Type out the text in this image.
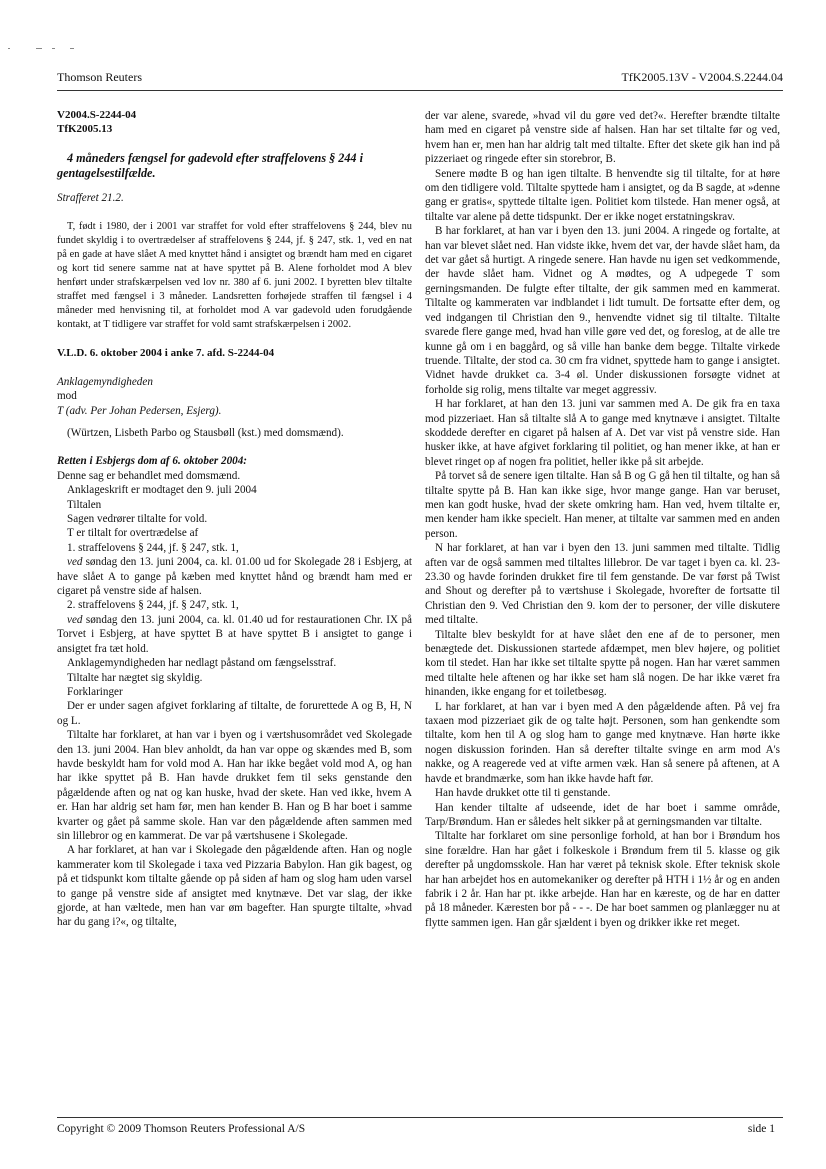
Thomson Reuters	TfK2005.13V - V2004.S.2244.04

V2004.S-2244-04

TfK2005.13

4 måneders fængsel for gadevold efter straffelovens § 244 i gentagelsestilfælde.

Strafferet 21.2.

T, født i 1980, der i 2001 var straffet for vold efter straffelovens § 244, blev nu fundet skyldig i to overtrædelser af straffelovens § 244, jf. § 247, stk. 1, ved en nat på en gade at have slået A med knyttet hånd i ansigtet og brændt ham med en cigaret og kort tid senere samme nat at have spyttet på B. Alene forholdet mod A blev henført under strafskærpelsen ved lov nr. 380 af 6. juni 2002. I byretten blev tiltalte straffet med fængsel i 3 måneder. Landsretten forhøjede straffen til fængsel i 4 måneder med henvisning til, at forholdet mod A var gadevold uden forudgående kontakt, at T tidligere var straffet for vold samt strafskærpelsen i 2002.

V.L.D. 6. oktober 2004 i anke 7. afd. S-2244-04

Anklagemyndigheden

mod

T (adv. Per Johan Pedersen, Esjerg).

(Würtzen, Lisbeth Parbo og Stausbøll (kst.) med domsmænd).

Retten i Esbjergs dom af 6. oktober 2004:

Denne sag er behandlet med domsmænd.

Anklageskrift er modtaget den 9. juli 2004

Tiltalen

Sagen vedrører tiltalte for vold.

T er tiltalt for overtrædelse af

1. straffelovens § 244, jf. § 247, stk. 1,

ved søndag den 13. juni 2004, ca. kl. 01.00 ud for Skolegade 28 i Esbjerg, at have slået A to gange på kæben med knyttet hånd og brændt ham med er cigaret på venstre side af halsen.

2. straffelovens § 244, jf. § 247, stk. 1,

ved søndag den 13. juni 2004, ca. kl. 01.40 ud for restaurationen Chr. IX på Torvet i Esbjerg, at have spyttet B at have spyttet B i ansigtet to gange i ansigtet fra tæt hold.

Anklagemyndigheden har nedlagt påstand om fængselsstraf.

Tiltalte har nægtet sig skyldig.

Forklaringer

Der er under sagen afgivet forklaring af tiltalte, de forurettede A og B, H, N og L.

Tiltalte har forklaret, at han var i byen og i værtshusområdet ved Skolegade den 13. juni 2004. Han blev anholdt, da han var oppe og skændes med B, som havde beskyldt ham for vold mod A. Han har ikke begået vold mod A, og han har ikke spyttet på B. Han havde drukket fem til seks genstande den pågældende aften og nat og kan huske, hvad der skete. Han ved ikke, hvem A er. Han har aldrig set ham før, men han kender B. Han og B har boet i samme kvarter og gået på samme skole. Han var den pågældende aften sammen med sin lillebror og en kammerat. De var på værtshusene i Skolegade.

A har forklaret, at han var i Skolegade den pågældende aften. Han og nogle kammerater kom til Skolegade i taxa ved Pizzaria Babylon. Han gik bagest, og på et tidspunkt kom tiltalte gående op på siden af ham og slog ham uden varsel to gange på venstre side af ansigtet med knytnæve. Det var slag, der ikke gjorde, at han væltede, men han var øm bagefter. Han spurgte tiltalte, »hvad har du gang i?«, og tiltalte,

der var alene, svarede, »hvad vil du gøre ved det?«. Herefter brændte tiltalte ham med en cigaret på venstre side af halsen. Han har set tiltalte før og ved, hvem han er, men han har aldrig talt med tiltalte. Efter det skete gik han ind på pizzeriaet og ringede efter sin storebror, B.

Senere mødte B og han igen tiltalte. B henvendte sig til tiltalte, for at høre om den tidligere vold. Tiltalte spyttede ham i ansigtet, og da B sagde, at »denne gang er gratis«, spyttede tiltalte igen. Politiet kom tilstede. Han mener også, at tiltalte var alene på dette tidspunkt. Der er ikke noget erstatningskrav.

B har forklaret, at han var i byen den 13. juni 2004. A ringede og fortalte, at han var blevet slået ned. Han vidste ikke, hvem det var, der havde slået ham, da det var gået så hurtigt. A ringede senere. Han havde nu igen set vedkommende, der havde slået ham. Vidnet og A mødtes, og A udpegede T som gerningsmanden. De fulgte efter tiltalte, der gik sammen med en kammerat. Tiltalte og kammeraten var indblandet i lidt tumult. De fortsatte efter dem, og ved indgangen til Christian den 9., henvendte vidnet sig til tiltalte. Tiltalte svarede flere gange med, hvad han ville gøre ved det, og foreslog, at de alle tre kunne gå om i en baggård, og så ville han banke dem begge. Tiltalte virkede truende. Tiltalte, der stod ca. 30 cm fra vidnet, spyttede ham to gange i ansigtet. Vidnet havde drukket ca. 3-4 øl. Under diskussionen forsøgte vidnet at forholde sig rolig, mens tiltalte var meget aggressiv.

H har forklaret, at han den 13. juni var sammen med A. De gik fra en taxa mod pizzeriaet. Han så tiltalte slå A to gange med knytnæve i ansigtet. Tiltalte skoddede derefter en cigaret på halsen af A. Det var vist på venstre side. Han husker ikke, at have afgivet forklaring til politiet, og han mener ikke, at han er blevet ringet op af nogen fra politiet, heller ikke på sit arbejde.

På torvet så de senere igen tiltalte. Han så B og G gå hen til tiltalte, og han så tiltalte spytte på B. Han kan ikke sige, hvor mange gange. Han var beruset, men kan godt huske, hvad der skete omkring ham. Han ved, hvem tiltalte er, men kender ham ikke specielt. Han mener, at tiltalte var sammen med en anden person.

N har forklaret, at han var i byen den 13. juni sammen med tiltalte. Tidlig aften var de også sammen med tiltaltes lillebror. De var taget i byen ca. kl. 23-23.30 og havde forinden drukket fire til fem genstande. De var først på Twist and Shout og derefter på to værtshuse i Skolegade, hvorefter de fortsatte til Christian den 9. Ved Christian den 9. kom der to personer, der ville diskutere med tiltalte.

Tiltalte blev beskyldt for at have slået den ene af de to personer, men benægtede det. Diskussionen startede afdæmpet, men blev højere, og politiet kom til stedet. Han har ikke set tiltalte spytte på nogen. Han har været sammen med tiltalte hele aftenen og har ikke set ham slå nogen. De har ikke været fra hinanden, ikke engang for et toiletbesøg.

L har forklaret, at han var i byen med A den pågældende aften. På vej fra taxaen mod pizzeriaet gik de og talte højt. Personen, som han genkendte som tiltalte, kom hen til A og slog ham to gange med knytnæve. Han hørte ikke nogen diskussion forinden. Han så derefter tiltalte svinge en arm mod A's nakke, og A reagerede ved at vifte armen væk. Han så senere på aftenen, at A havde et brandmærke, som han ikke havde haft før.

Han havde drukket otte til ti genstande.

Han kender tiltalte af udseende, idet de har boet i samme område, Tarp/Brøndum. Han er således helt sikker på at gerningsmanden var tiltalte.

Tiltalte har forklaret om sine personlige forhold, at han bor i Brøndum hos sine forældre. Han har gået i folkeskole i Brøndum frem til 5. klasse og gik derefter på ungdomsskole. Han har været på teknisk skole. Efter teknisk skole har han arbejdet hos en automekaniker og derefter på HTH i 1½ år og en anden fabrik i 2 år. Han har pt. ikke arbejde. Han har en kæreste, og de har en datter på 18 måneder. Kæresten bor på - - -. De har boet sammen og planlægger nu at flytte sammen igen. Han går sjældent i byen og drikker ikke ret meget.

Copyright © 2009 Thomson Reuters Professional A/S	side 1
